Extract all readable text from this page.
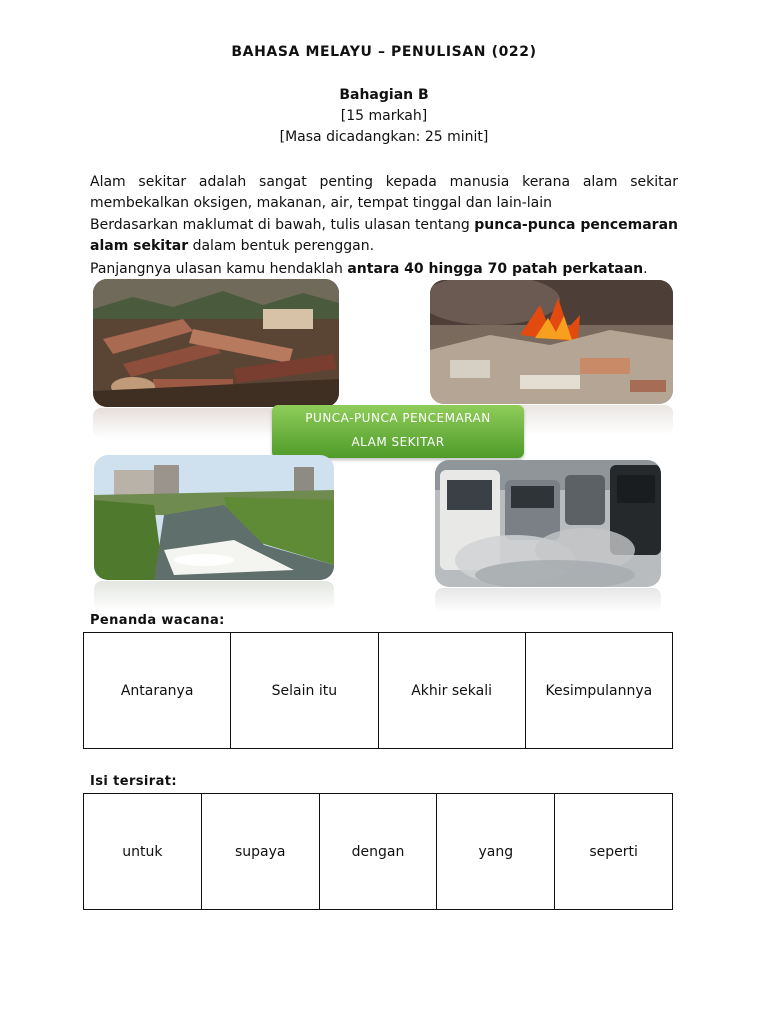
BAHASA MELAYU – PENULISAN (022)
Bahagian B
[15 markah]
[Masa dicadangkan: 25 minit]
Alam sekitar adalah sangat penting kepada manusia kerana alam sekitar
membekalkan oksigen, makanan, air, tempat tinggal dan lain-lain
Berdasarkan maklumat di bawah, tulis ulasan tentang punca-punca pencemaran
alam sekitar dalam bentuk perenggan.
Panjangnya ulasan kamu hendaklah antara 40 hingga 70 patah perkataan.
PUNCA-PUNCA PENCEMARAN
ALAM SEKITAR
Penanda wacana:
Antaranya	Selain itu	Akhir sekali	Kesimpulannya
Isi tersirat:
untuk	supaya	dengan	yang	seperti
